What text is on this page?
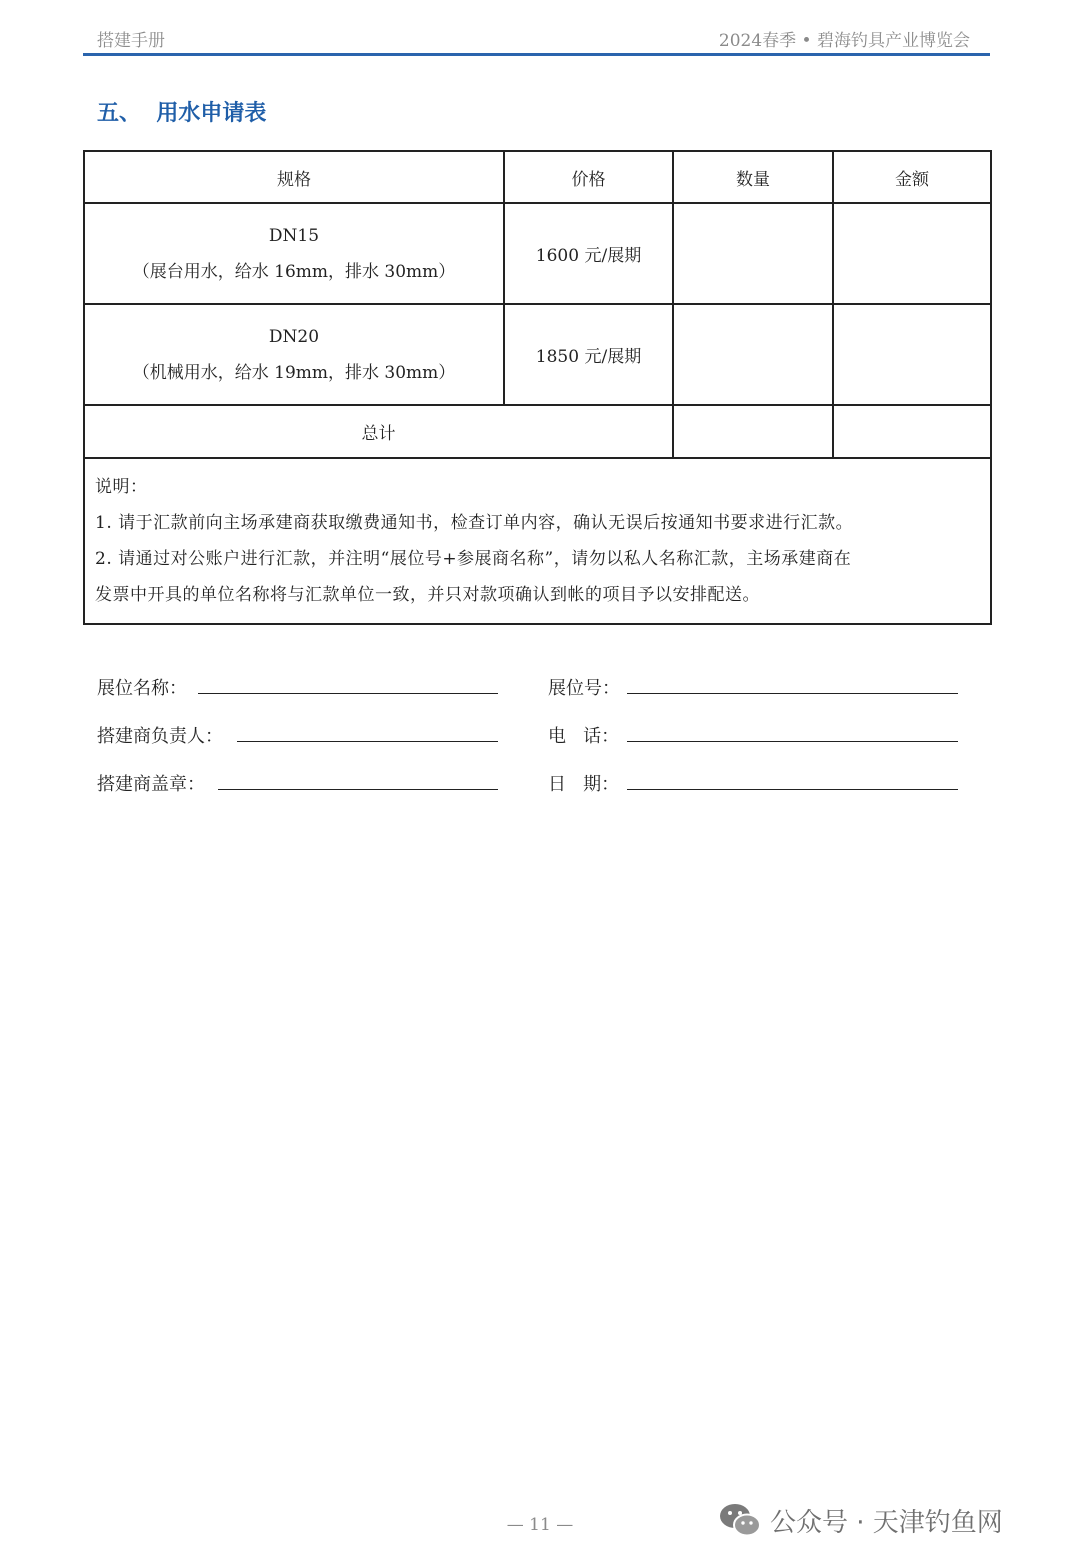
搭建手册	2024春季 • 碧海钓具产业博览会
五、  用水申请表
规格	价格	数量	金额

DN15
（展台用水，给水 16mm，排水 30mm）	1600 元/展期		

DN20
（机械用水，给水 19mm，排水 30mm）	1850 元/展期		
总计			

说明：
1. 请于汇款前向主场承建商获取缴费通知书，检查订单内容，确认无误后按通知书要求进行汇款。
2. 请通过对公账户进行汇款，并注明“展位号+参展商名称”，请勿以私人名称汇款，主场承建商在
发票中开具的单位名称将与汇款单位一致，并只对款项确认到帐的项目予以安排配送。			
展位名称：	展位号：
搭建商负责人：	电   话：
搭建商盖章：	日   期：
— 11 —	公众号 · 天津钓鱼网
